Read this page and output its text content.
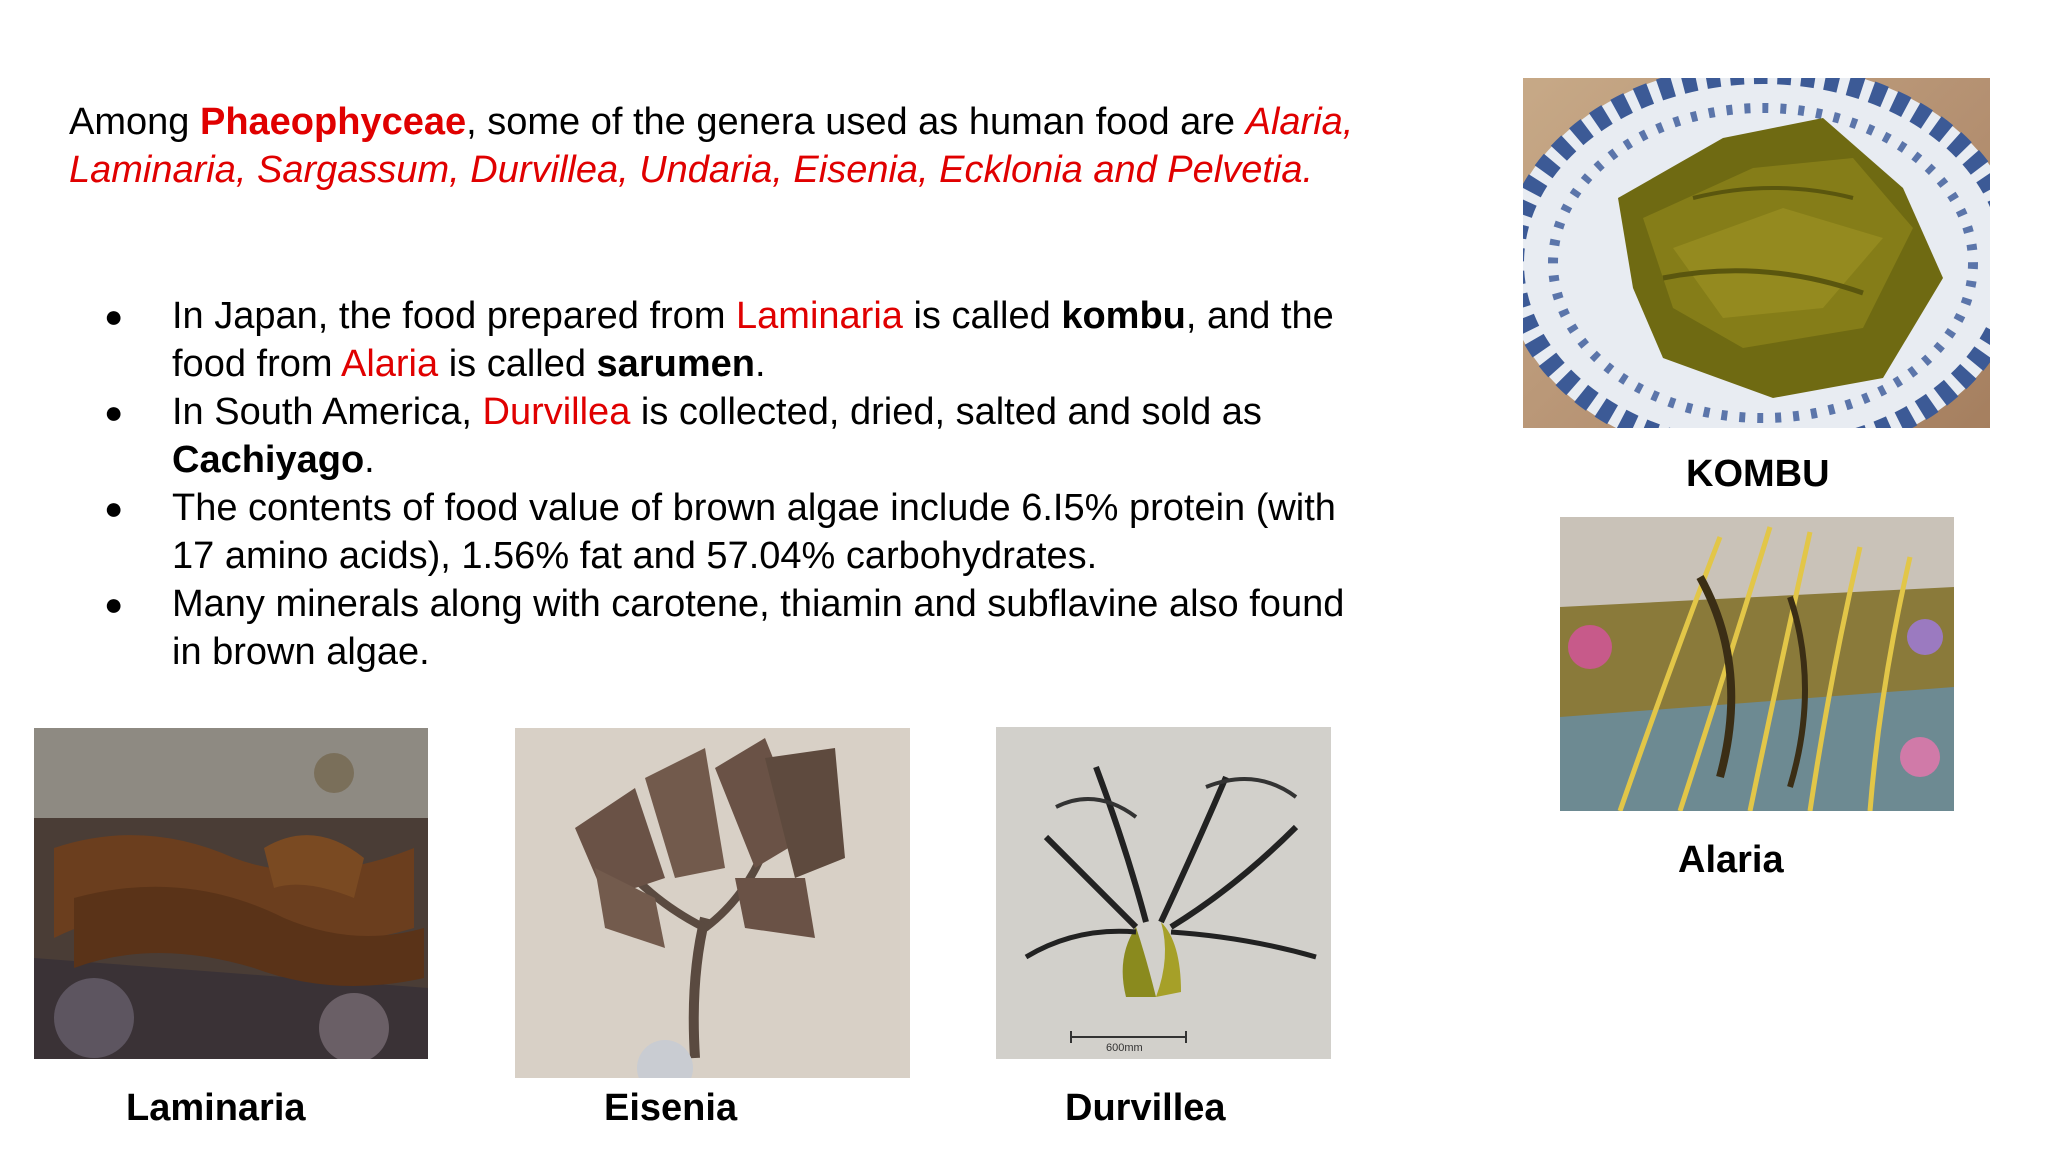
Among Phaeophyceae, some of the genera used as human food are Alaria, Laminaria, Sargassum, Durvillea, Undaria, Eisenia, Ecklonia and Pelvetia.

● In Japan, the food prepared from Laminaria is called kombu, and the food from Alaria is called sarumen.
● In South America, Durvillea is collected, dried, salted and sold as Cachiyago.
● The contents of food value of brown algae include 6.I5% protein (with 17 amino acids), 1.56% fat and 57.04% carbohydrates.
● Many minerals along with carotene, thiamin and subflavine also found in brown algae.
KOMBU
Alaria
Laminaria	Eisenia
600mm
Durvillea
